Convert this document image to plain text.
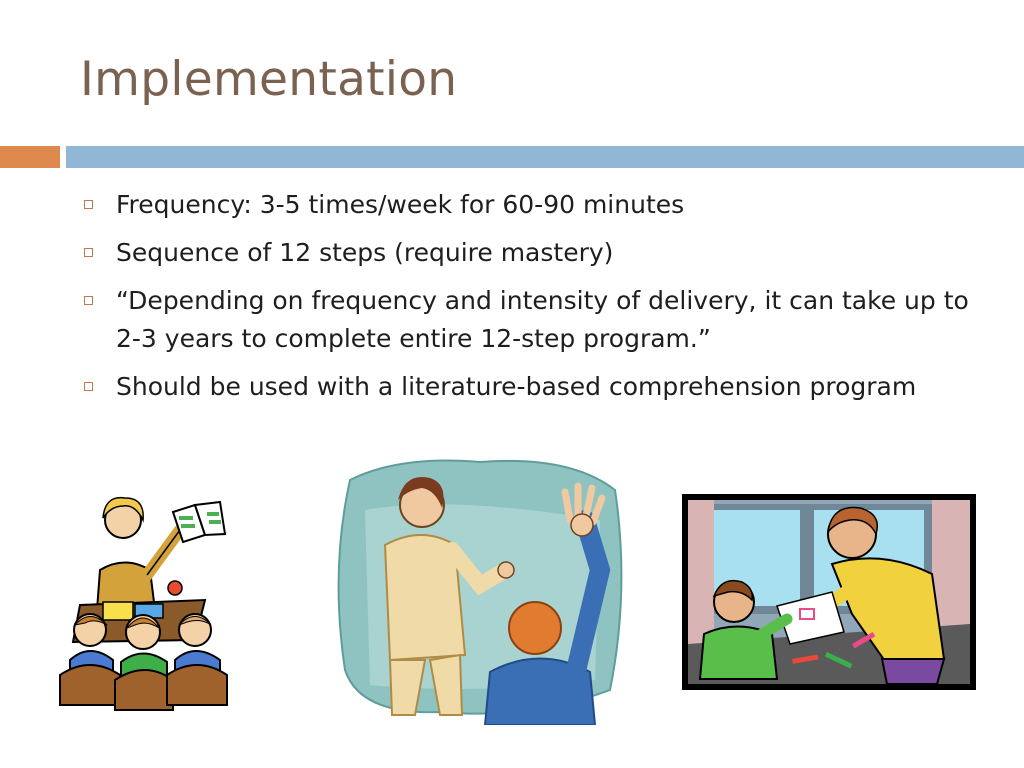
Implementation
Frequency: 3-5 times/week for 60-90 minutes
Sequence of 12 steps (require mastery)
“Depending on frequency and intensity of delivery, it can take up to 2-3 years to complete entire 12-step program.”
Should be used with a literature-based comprehension program
